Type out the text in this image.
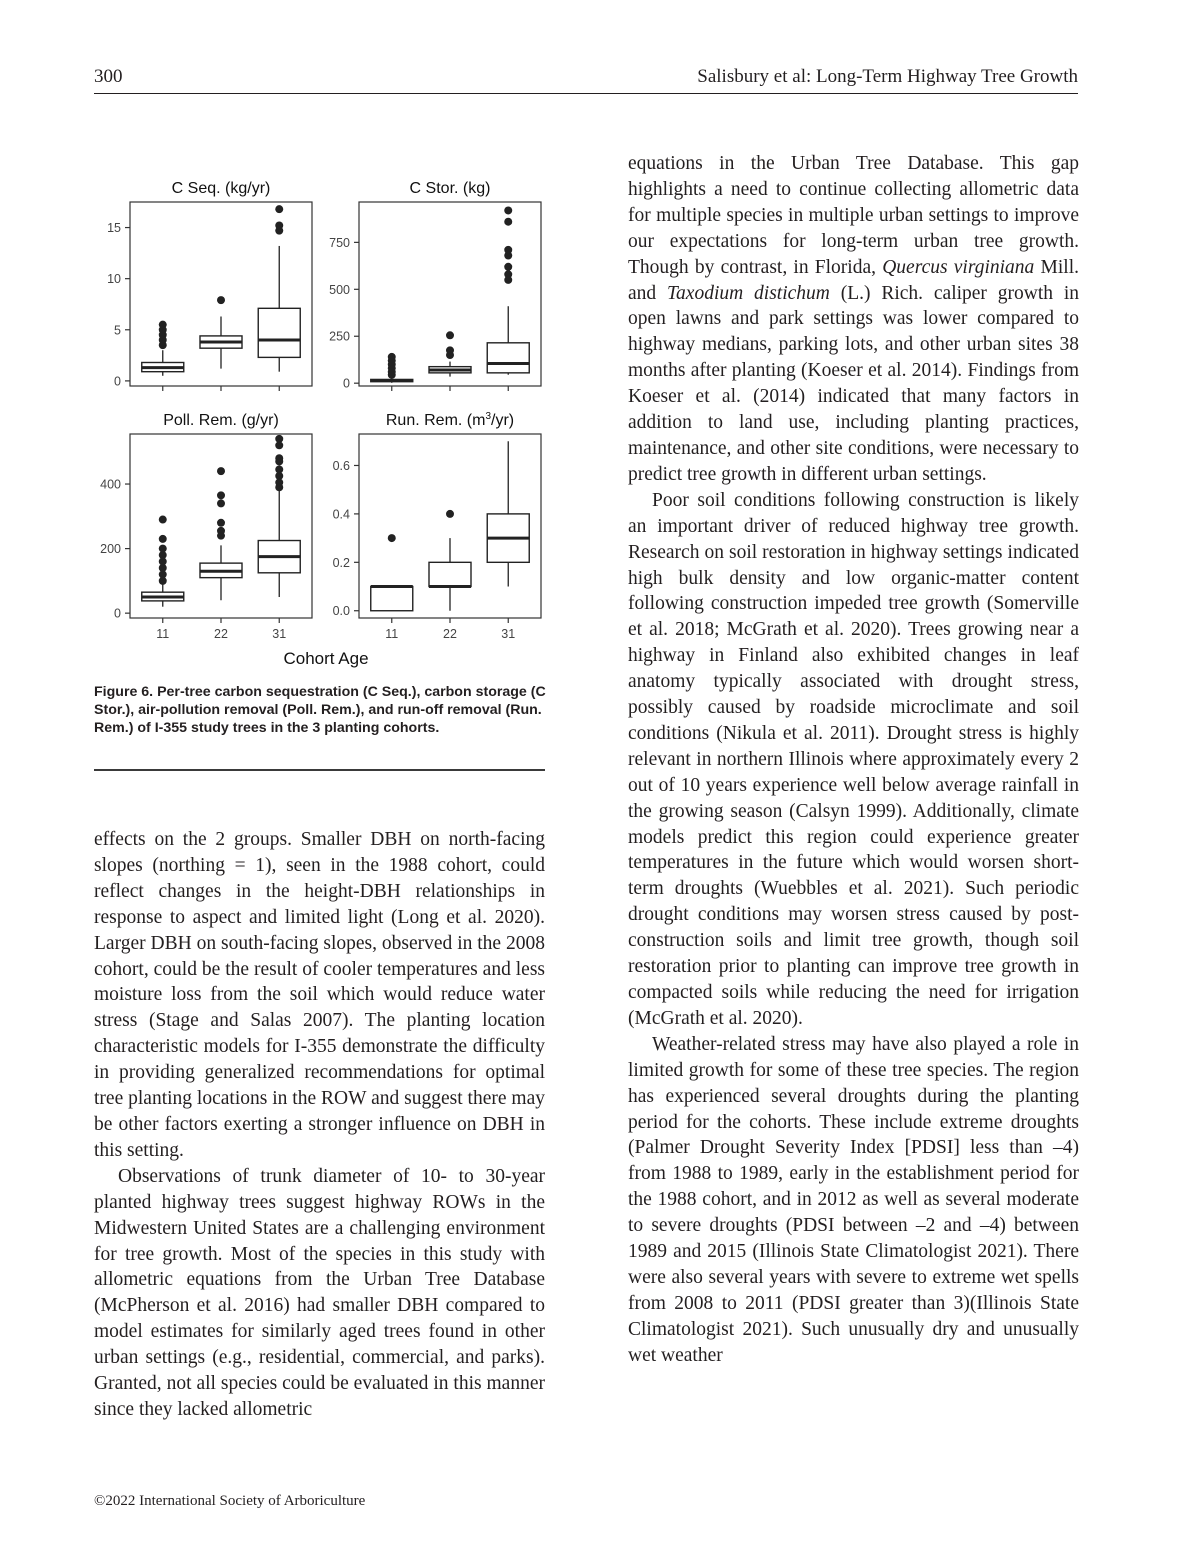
300	Salisbury et al: Long-Term Highway Tree Growth
C Seq. (kg/yr)
0
5
10
15
C Stor. (kg)
0
250
500
750
Poll. Rem. (g/yr)
0
200
400
11	22	31
Run. Rem. $(m^3/yr)$
0.0
0.2
0.4
0.6
11	22	31
Cohort Age
Figure 6. Per-tree carbon sequestration (C Seq.), carbon storage (C Stor.), air-pollution removal (Poll. Rem.), and run-off removal (Run. Rem.) of I-355 study trees in the 3 planting cohorts.

effects on the 2 groups. Smaller DBH on north-facing slopes (northing = 1), seen in the 1988 cohort, could reflect changes in the height-DBH relationships in response to aspect and limited light (Long et al. 2020). Larger DBH on south-facing slopes, observed in the 2008 cohort, could be the result of cooler temperatures and less moisture loss from the soil which would reduce water stress (Stage and Salas 2007). The planting location characteristic models for I-355 demonstrate the difficulty in providing generalized recommendations for optimal tree planting locations in the ROW and suggest there may be other factors exerting a stronger influence on DBH in this setting.

Observations of trunk diameter of 10- to 30-year planted highway trees suggest highway ROWs in the Midwestern United States are a challenging environment for tree growth. Most of the species in this study with allometric equations from the Urban Tree Database (McPherson et al. 2016) had smaller DBH compared to model estimates for similarly aged trees found in other urban settings (e.g., residential, commercial, and parks). Granted, not all species could be evaluated in this manner since they lacked allometric

equations in the Urban Tree Database. This gap highlights a need to continue collecting allometric data for multiple species in multiple urban settings to improve our expectations for long-term urban tree growth. Though by contrast, in Florida, Quercus virginiana Mill. and Taxodium distichum (L.) Rich. caliper growth in open lawns and park settings was lower compared to highway medians, parking lots, and other urban sites 38 months after planting (Koeser et al. 2014). Findings from Koeser et al. (2014) indicated that many factors in addition to land use, including planting practices, maintenance, and other site conditions, were necessary to predict tree growth in different urban settings.

Poor soil conditions following construction is likely an important driver of reduced highway tree growth. Research on soil restoration in highway settings indicated high bulk density and low organic-matter content following construction impeded tree growth (Somerville et al. 2018; McGrath et al. 2020). Trees growing near a highway in Finland also exhibited changes in leaf anatomy typically associated with drought stress, possibly caused by roadside microclimate and soil conditions (Nikula et al. 2011). Drought stress is highly relevant in northern Illinois where approximately every 2 out of 10 years experience well below average rainfall in the growing season (Calsyn 1999). Additionally, climate models predict this region could experience greater temperatures in the future which would worsen short-term droughts (Wuebbles et al. 2021). Such periodic drought conditions may worsen stress caused by post-construction soils and limit tree growth, though soil restoration prior to planting can improve tree growth in compacted soils while reducing the need for irrigation (McGrath et al. 2020).

Weather-related stress may have also played a role in limited growth for some of these tree species. The region has experienced several droughts during the planting period for the cohorts. These include extreme droughts (Palmer Drought Severity Index [PDSI] less than –4) from 1988 to 1989, early in the establishment period for the 1988 cohort, and in 2012 as well as several moderate to severe droughts (PDSI between –2 and –4) between 1989 and 2015 (Illinois State Climatologist 2021). There were also several years with severe to extreme wet spells from 2008 to 2011 (PDSI greater than 3)(Illinois State Climatologist 2021). Such unusually dry and unusually wet weather

©2022 International Society of Arboriculture
